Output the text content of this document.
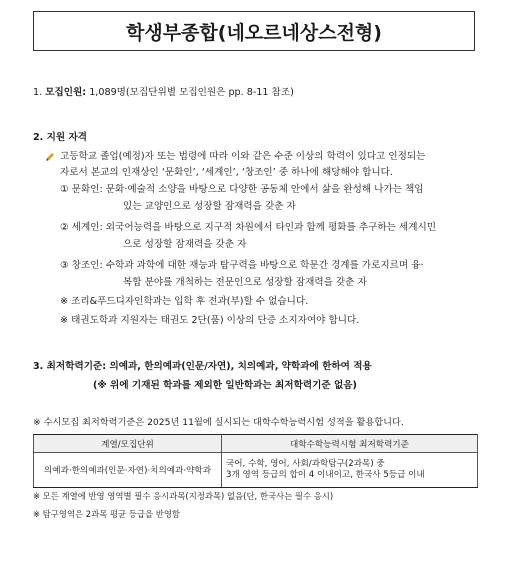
학생부종합(네오르네상스전형)
1. 모집인원: 1,089명(모집단위별 모집인원은 pp. 8-11 참조)
2. 지원 자격
고등학교 졸업(예정)자 또는 법령에 따라 이와 같은 수준 이상의 학력이 있다고 인정되는
자로서 본교의 인재상인 ‘문화인’, ‘세계인’, ‘창조인’ 중 하나에 해당해야 합니다.
① 문화인: 문화·예술적 소양을 바탕으로 다양한 공동체 안에서 삶을 완성해 나가는 책임
있는 교양인으로 성장할 잠재력을 갖춘 자
② 세계인: 외국어능력을 바탕으로 지구적 차원에서 타인과 함께 평화를 추구하는 세계시민
으로 성장할 잠재력을 갖춘 자
③ 창조인: 수학과 과학에 대한 재능과 탐구력을 바탕으로 학문간 경계를 가로지르며 융·
복합 분야를 개척하는 전문인으로 성장할 잠재력을 갖춘 자
※ 조리&푸드디자인학과는 입학 후 전과(부)할 수 없습니다.
※ 태권도학과 지원자는 태권도 2단(품) 이상의 단증 소지자여야 합니다.
3. 최저학력기준: 의예과, 한의예과(인문/자연), 치의예과, 약학과에 한하여 적용
(※ 위에 기재된 학과를 제외한 일반학과는 최저학력기준 없음)
※ 수시모집 최저학력기준은 2025년 11월에 실시되는 대학수학능력시험 성적을 활용합니다.
계열/모집단위	대학수학능력시험 최저학력기준
의예과·한의예과(인문·자연)·치의예과·약학과	국어, 수학, 영어, 사회/과학탐구(2과목) 중
3개 영역 등급의 합이 4 이내이고, 한국사 5등급 이내
※ 모든 계열에 반영 영역별 필수 응시과목(지정과목) 없음(단, 한국사는 필수 응시)
※ 탐구영역은 2과목 평균 등급을 반영함
